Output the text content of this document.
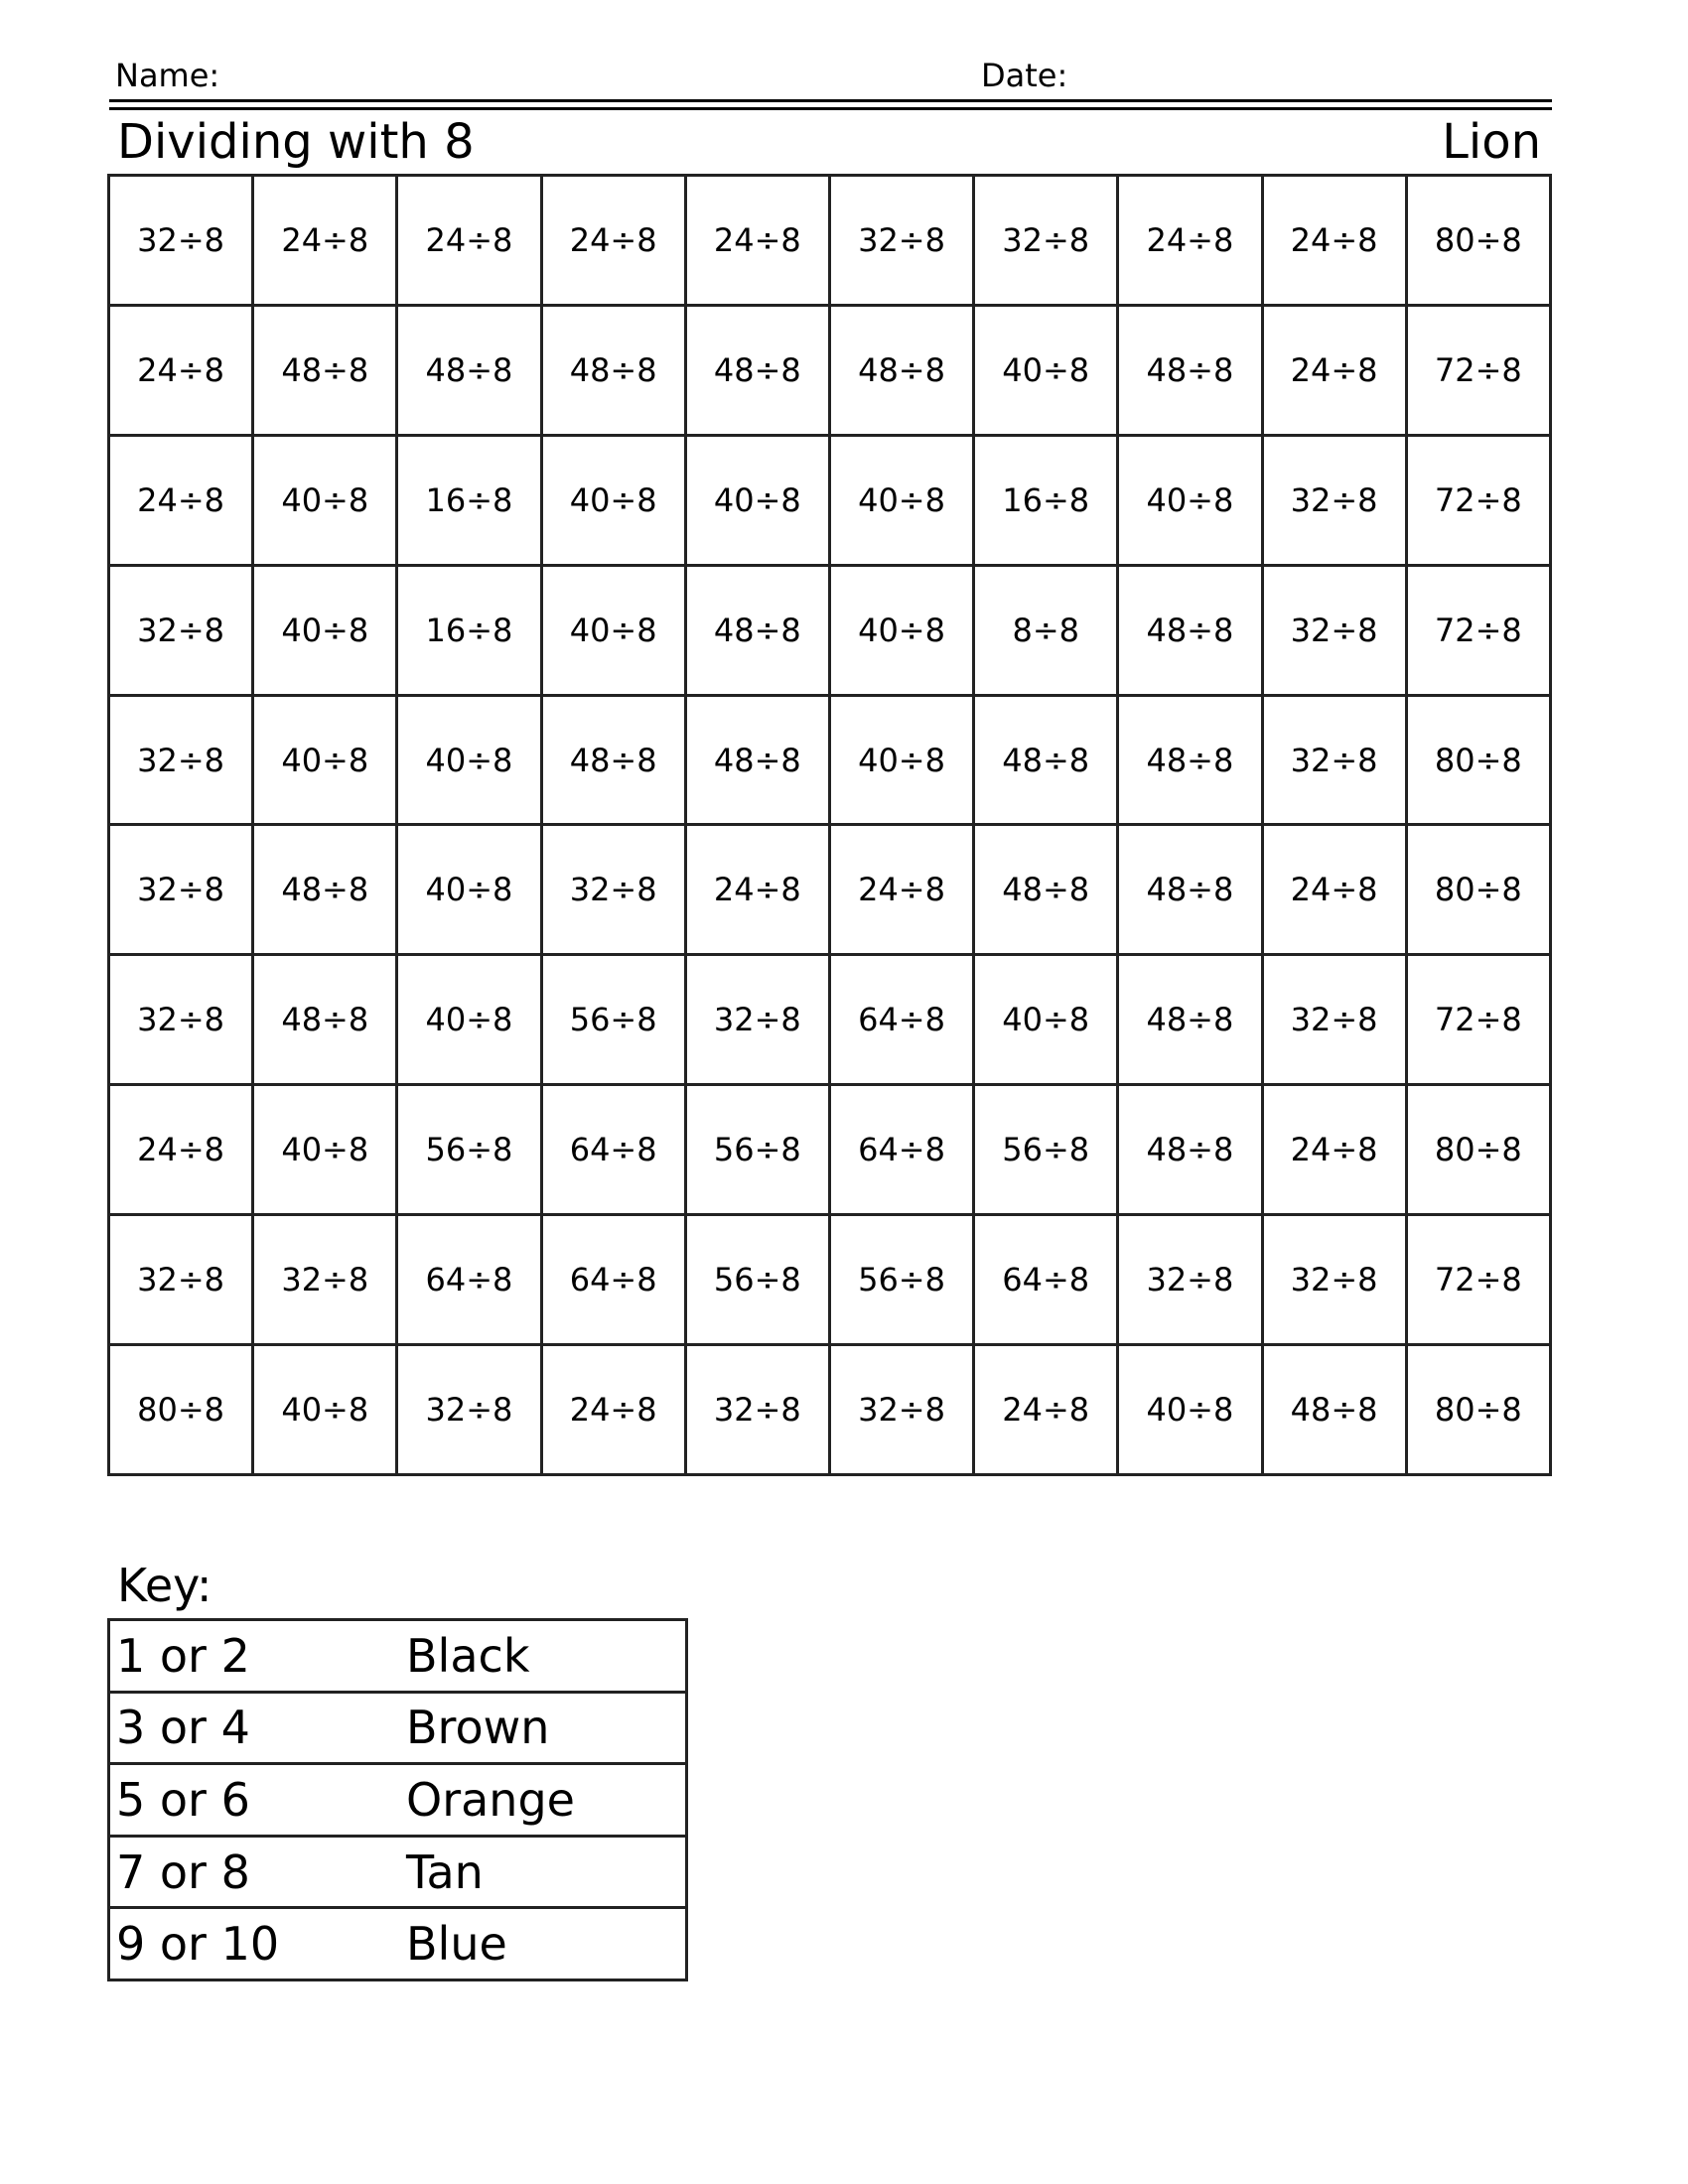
Name:	Date:
Dividing with 8	Lion
32÷8	24÷8	24÷8	24÷8	24÷8	32÷8	32÷8	24÷8	24÷8	80÷8
24÷8	48÷8	48÷8	48÷8	48÷8	48÷8	40÷8	48÷8	24÷8	72÷8
24÷8	40÷8	16÷8	40÷8	40÷8	40÷8	16÷8	40÷8	32÷8	72÷8
32÷8	40÷8	16÷8	40÷8	48÷8	40÷8	8÷8	48÷8	32÷8	72÷8
32÷8	40÷8	40÷8	48÷8	48÷8	40÷8	48÷8	48÷8	32÷8	80÷8
32÷8	48÷8	40÷8	32÷8	24÷8	24÷8	48÷8	48÷8	24÷8	80÷8
32÷8	48÷8	40÷8	56÷8	32÷8	64÷8	40÷8	48÷8	32÷8	72÷8
24÷8	40÷8	56÷8	64÷8	56÷8	64÷8	56÷8	48÷8	24÷8	80÷8
32÷8	32÷8	64÷8	64÷8	56÷8	56÷8	64÷8	32÷8	32÷8	72÷8
80÷8	40÷8	32÷8	24÷8	32÷8	32÷8	24÷8	40÷8	48÷8	80÷8
Key:
1 or 2	Black
3 or 4	Brown
5 or 6	Orange
7 or 8	Tan
9 or 10	Blue
